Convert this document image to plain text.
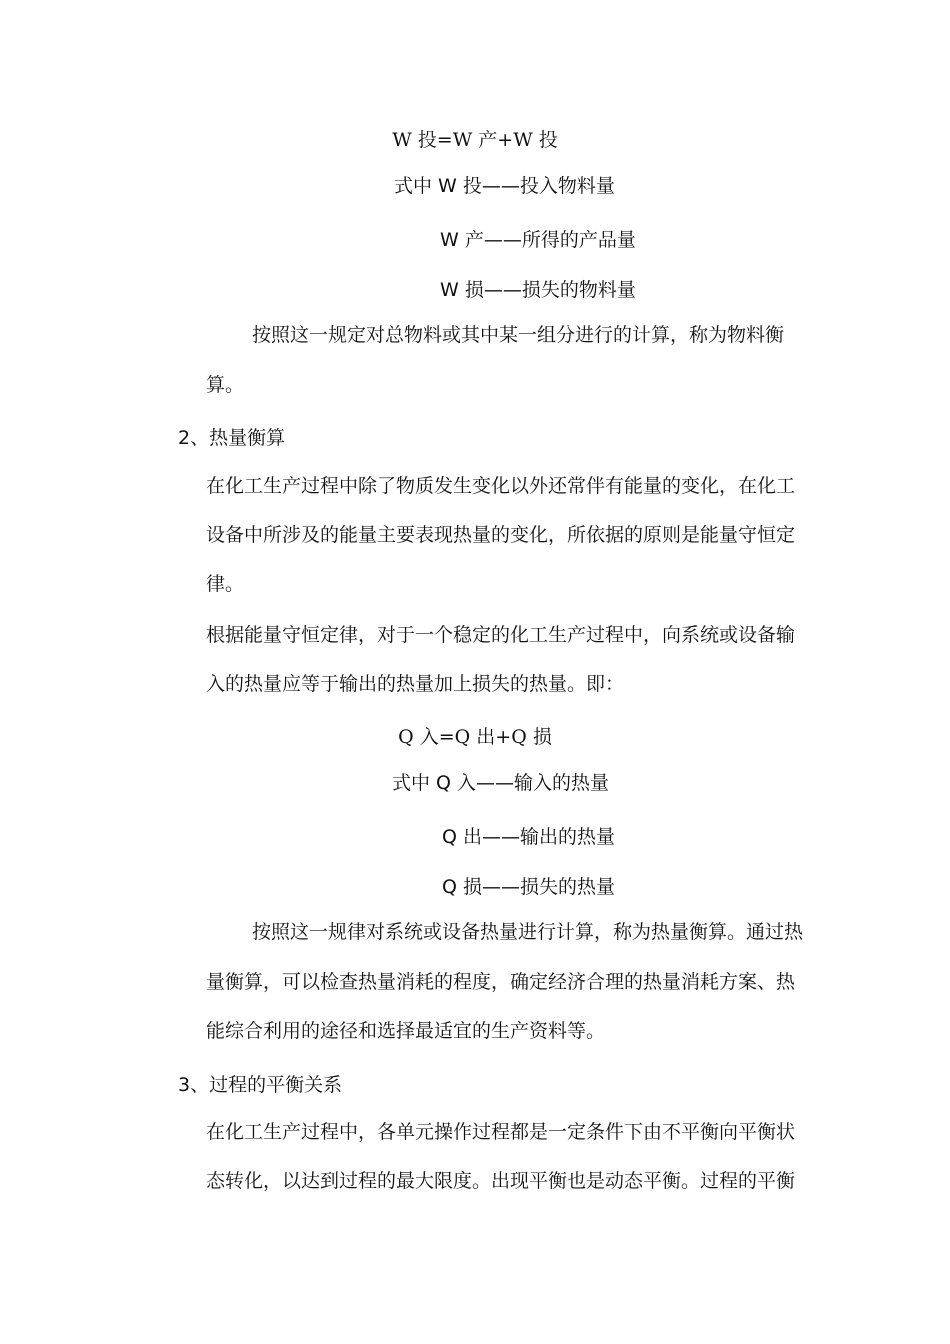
W 投=W 产+W 投
式中 W 投——投入物料量
W 产——所得的产品量
W 损——损失的物料量
按照这一规定对总物料或其中某一组分进行的计算，称为物料衡
算。
2、热量衡算
在化工生产过程中除了物质发生变化以外还常伴有能量的变化，在化工
设备中所涉及的能量主要表现热量的变化，所依据的原则是能量守恒定
律。
根据能量守恒定律，对于一个稳定的化工生产过程中，向系统或设备输
入的热量应等于输出的热量加上损失的热量。即：
Q 入=Q 出+Q 损
式中 Q 入——输入的热量
Q 出——输出的热量
Q 损——损失的热量
按照这一规律对系统或设备热量进行计算，称为热量衡算。通过热
量衡算，可以检查热量消耗的程度，确定经济合理的热量消耗方案、热
能综合利用的途径和选择最适宜的生产资料等。
3、过程的平衡关系
在化工生产过程中，各单元操作过程都是一定条件下由不平衡向平衡状
态转化，以达到过程的最大限度。出现平衡也是动态平衡。过程的平衡
